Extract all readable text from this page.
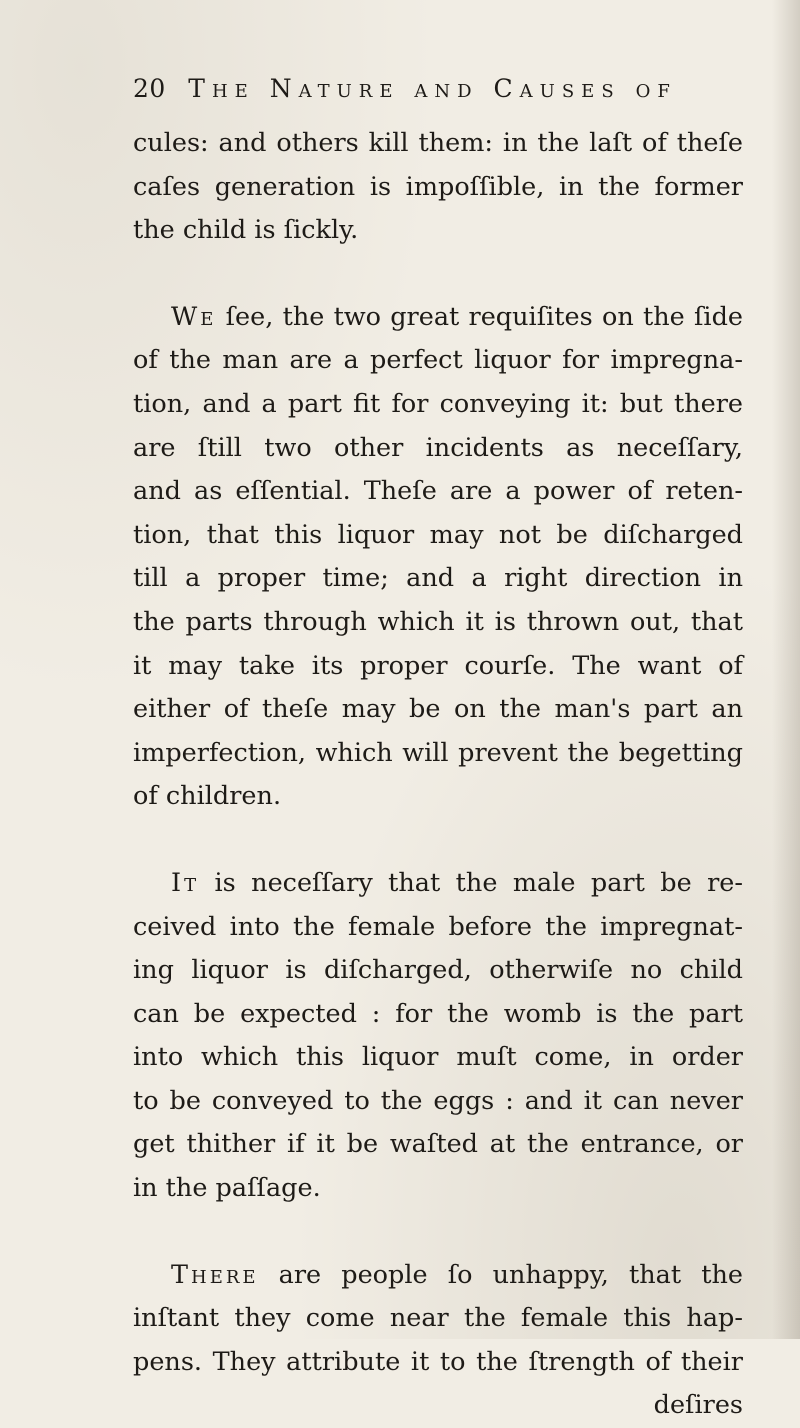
20 The Nature and Causes of
cules: and others kill them: in the laſt of theſe
caſes generation is impoſſible, in the former
the child is ſickly.
We ſee, the two great requiſites on the ſide
of the man are a perfect liquor for impregna-
tion, and a part fit for conveying it: but there
are ſtill two other incidents as neceſſary,
and as eſſential. Theſe are a power of reten-
tion, that this liquor may not be diſcharged
till a proper time; and a right direction in
the parts through which it is thrown out, that
it may take its proper courſe. The want of
either of theſe may be on the man's part an
imperfection, which will prevent the begetting
of children.
It is neceſſary that the male part be re-
ceived into the female before the impregnat-
ing liquor is diſcharged, otherwiſe no child
can be expected : for the womb is the part
into which this liquor muſt come, in order
to be conveyed to the eggs : and it can never
get thither if it be waſted at the entrance, or
in the paſſage.
There are people ſo unhappy, that the
inſtant they come near the female this hap-
pens. They attribute it to the ſtrength of their
deſires
